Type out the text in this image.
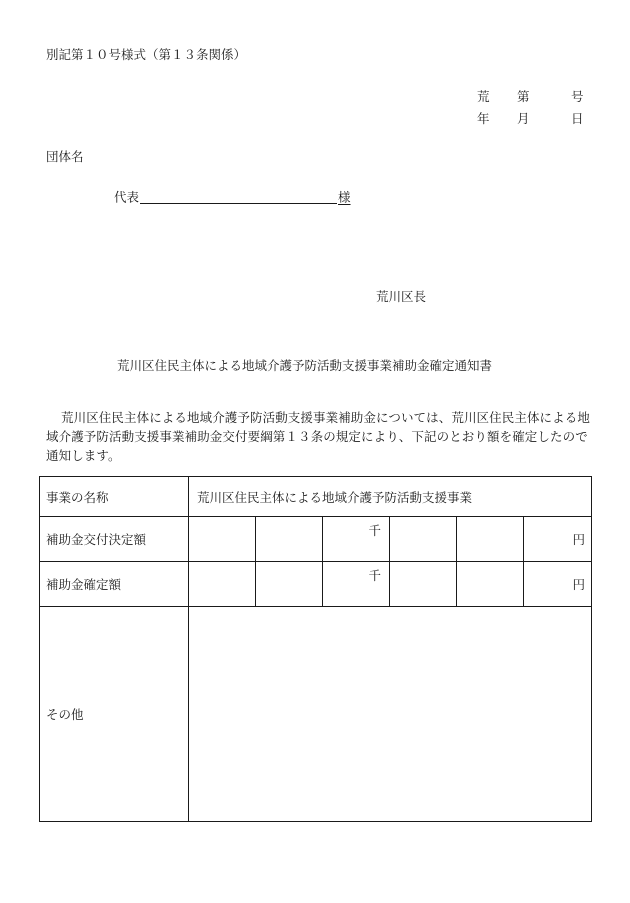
別記第１０号様式（第１３条関係）
荒 第	号
年 月	日
団体名
代表	様
荒川区長
荒川区住民主体による地域介護予防活動支援事業補助金確定通知書
荒川区住民主体による地域介護予防活動支援事業補助金については、荒川区住民主体による地域介護予防活動支援事業補助金交付要綱第１３条の規定により、下記のとおり額を確定したので通知します。
事業の名称	荒川区住民主体による地域介護予防活動支援事業					
補助金交付決定額			千			円

補助金確定額			千			円

その他						
